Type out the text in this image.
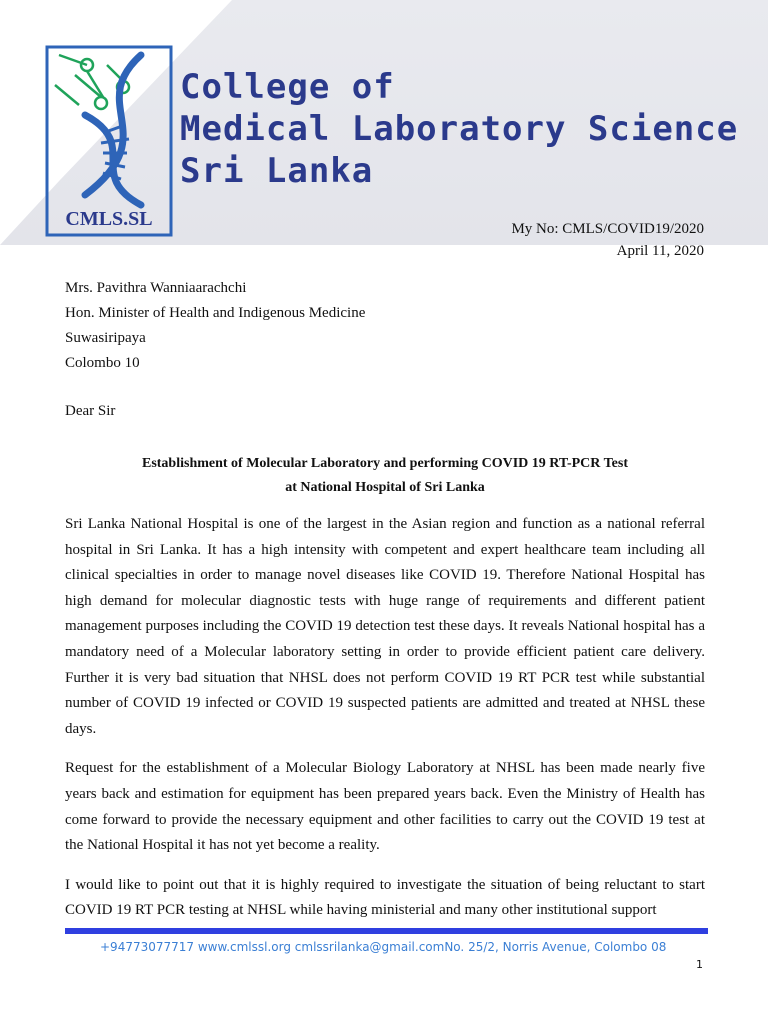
CMLS.SL
College of
Medical Laboratory Science
Sri Lanka
My No: CMLS/COVID19/2020
April 11, 2020
Mrs. Pavithra Wanniaarachchi
Hon. Minister of Health and Indigenous Medicine
Suwasiripaya
Colombo 10
Dear Sir
Establishment of Molecular Laboratory and performing COVID 19 RT-PCR Test
at National Hospital of Sri Lanka

Sri Lanka National Hospital is one of the largest in the Asian region and function as a national referral hospital in Sri Lanka. It has a high intensity with competent and expert healthcare team including all clinical specialties in order to manage novel diseases like COVID 19. Therefore National Hospital has high demand for molecular diagnostic tests with huge range of requirements and different patient management purposes including the COVID 19 detection test these days. It reveals National hospital has a mandatory need of a Molecular laboratory setting in order to provide efficient patient care delivery. Further it is very bad situation that NHSL does not perform COVID 19 RT PCR test while substantial number of COVID 19 infected or COVID 19 suspected patients are admitted and treated at NHSL these days.

Request for the establishment of a Molecular Biology Laboratory at NHSL has been made nearly five years back and estimation for equipment has been prepared years back. Even the Ministry of Health has come forward to provide the necessary equipment and other facilities to carry out the COVID 19 test at the National Hospital it has not yet become a reality.

I would like to point out that it is highly required to investigate the situation of being reluctant to start COVID 19 RT PCR testing at NHSL while having ministerial and many other institutional support

+94773077717 www.cmlssl.org cmlssrilanka@gmail.comNo. 25/2, Norris Avenue, Colombo 08
1
